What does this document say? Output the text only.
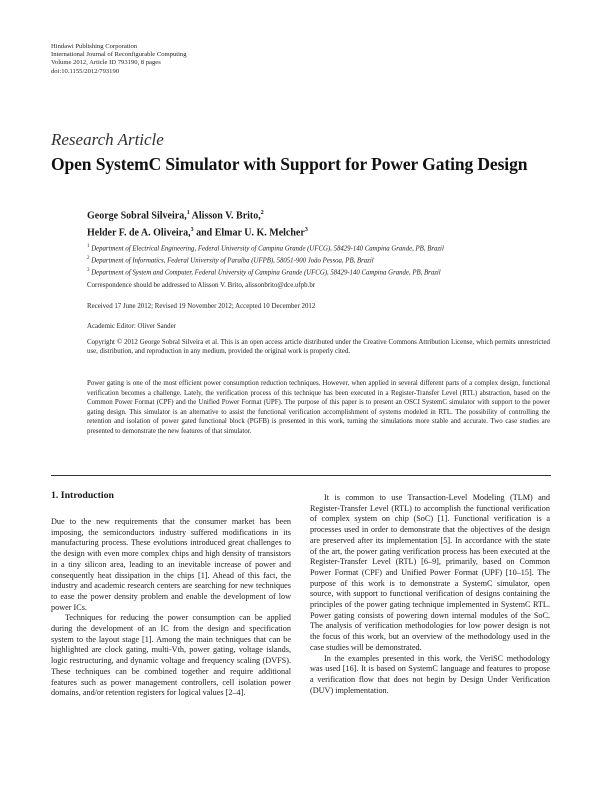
Hindawi Publishing Corporation
International Journal of Reconfigurable Computing
Volume 2012, Article ID 793190, 8 pages
doi:10.1155/2012/793190
Research Article
Open SystemC Simulator with Support for Power Gating Design
George Sobral Silveira,$^1$ Alisson V. Brito,$^2$
Helder F. de A. Oliveira,$^3$ and Elmar U. K. Melcher$^3$
$^1$ Department of Electrical Engineering, Federal University of Campina Grande (UFCG), 58429-140 Campina Grande, PB, Brazil
$^2$ Department of Informatics, Federal University of Paraíba (UFPB), 58051-900 João Pessoa, PB, Brazil
$^3$ Department of System and Computer, Federal University of Campina Grande (UFCG), 58429-140 Campina Grande, PB, Brazil
Correspondence should be addressed to Alisson V. Brito, alissonbrito@dce.ufpb.br
Received 17 June 2012; Revised 19 November 2012; Accepted 10 December 2012
Academic Editor: Oliver Sander
Copyright © 2012 George Sobral Silveira et al. This is an open access article distributed under the Creative Commons Attribution License, which permits unrestricted use, distribution, and reproduction in any medium, provided the original work is properly cited.
Power gating is one of the most efficient power consumption reduction techniques. However, when applied in several different parts of a complex design, functional verification becomes a challenge. Lately, the verification process of this technique has been executed in a Register-Transfer Level (RTL) abstraction, based on the Common Power Format (CPF) and the Unified Power Format (UPF). The purpose of this paper is to present an OSCI SystemC simulator with support to the power gating design. This simulator is an alternative to assist the functional verification accomplishment of systems modeled in RTL. The possibility of controlling the retention and isolation of power gated functional block (PGFB) is presented in this work, turning the simulations more stable and accurate. Two case studies are presented to demonstrate the new features of that simulator.
1. Introduction

Due to the new requirements that the consumer market has been imposing, the semiconductors industry suffered modifications in its manufacturing process. These evolutions introduced great challenges to the design with even more complex chips and high density of transistors in a tiny silicon area, leading to an inevitable increase of power and consequently heat dissipation in the chips [1]. Ahead of this fact, the industry and academic research centers are searching for new techniques to ease the power density problem and enable the development of low power ICs.

Techniques for reducing the power consumption can be applied during the development of an IC from the design and specification system to the layout stage [1]. Among the main techniques that can be highlighted are clock gating, multi-Vth, power gating, voltage islands, logic restructuring, and dynamic voltage and frequency scaling (DVFS). These techniques can be combined together and require additional features such as power management controllers, cell isolation power domains, and/or retention registers for logical values [2–4].

It is common to use Transaction-Level Modeling (TLM) and Register-Transfer Level (RTL) to accomplish the functional verification of complex system on chip (SoC) [1]. Functional verification is a processes used in order to demonstrate that the objectives of the design are preserved after its implementation [5]. In accordance with the state of the art, the power gating verification process has been executed at the Register-Transfer Level (RTL) [6–9], primarily, based on Common Power Format (CPF) and Unified Power Format (UPF) [10–15]. The purpose of this work is to demonstrate a SystemC simulator, open source, with support to functional verification of designs containing the principles of the power gating technique implemented in SystemC RTL. Power gating consists of powering down internal modules of the SoC. The analysis of verification methodologies for low power design is not the focus of this work, but an overview of the methodology used in the case studies will be demonstrated.

In the examples presented in this work, the VeriSC methodology was used [16]. It is based on SystemC language and features to propose a verification flow that does not begin by Design Under Verification (DUV) implementation.
